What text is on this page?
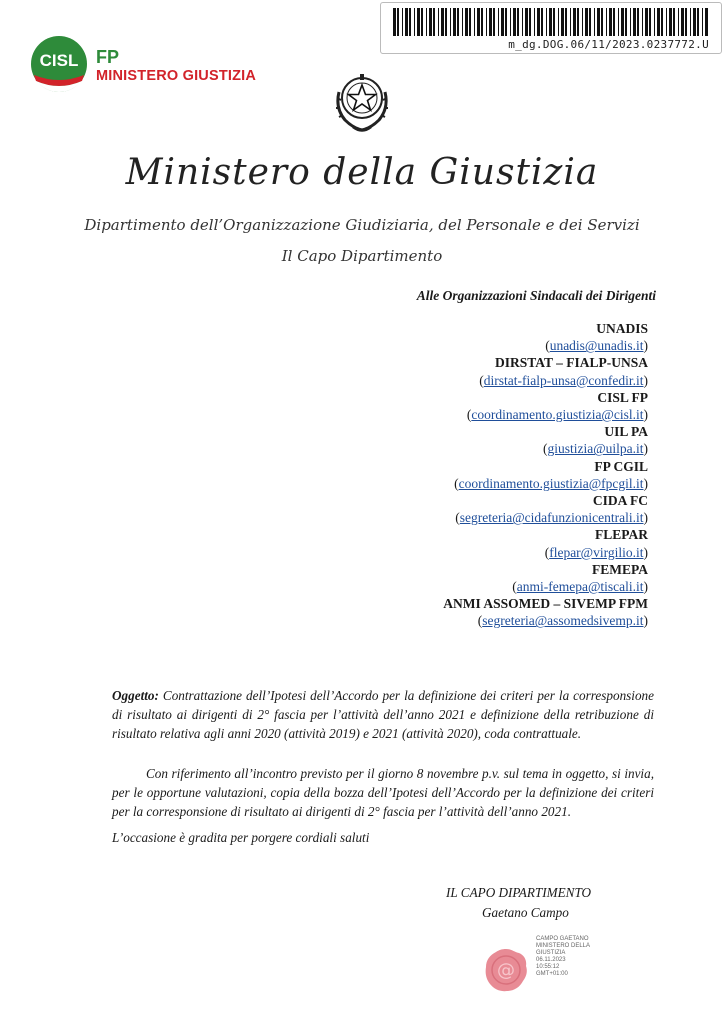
m_dg.DOG.06/11/2023.0237772.U
CISL FP
MINISTERO GIUSTIZIA
Ministero della Giustizia
Dipartimento dell’Organizzazione Giudiziaria, del Personale e dei Servizi
Il Capo Dipartimento
Alle Organizzazioni Sindacali dei Dirigenti
UNADIS
(unadis@unadis.it)
DIRSTAT – FIALP-UNSA
(dirstat-fialp-unsa@confedir.it)
CISL FP
(coordinamento.giustizia@cisl.it)
UIL PA
(giustizia@uilpa.it)
FP CGIL
(coordinamento.giustizia@fpcgil.it)
CIDA FC
(segreteria@cidafunzionicentrali.it)
FLEPAR
(flepar@virgilio.it)
FEMEPA
(anmi-femepa@tiscali.it)
ANMI ASSOMED – SIVEMP FPM
(segreteria@assomedsivemp.it)
Oggetto: Contrattazione dell’Ipotesi dell’Accordo per la definizione dei criteri per la corresponsione di risultato ai dirigenti di 2° fascia per l’attività dell’anno 2021 e definizione della retribuzione di risultato relativa agli anni 2020 (attività 2019) e 2021 (attività 2020), coda contrattuale.
Con riferimento all’incontro previsto per il giorno 8 novembre p.v. sul tema in oggetto, si invia, per le opportune valutazioni, copia della bozza dell’Ipotesi dell’Accordo per la definizione dei criteri per la corresponsione di risultato ai dirigenti di 2° fascia per l’attività dell’anno 2021.
L’occasione è gradita per porgere cordiali saluti
IL CAPO DIPARTIMENTO
Gaetano Campo
@
CAMPO GAETANO
MINISTERO DELLA
GIUSTIZIA
06.11.2023
10:55:12
GMT+01:00
